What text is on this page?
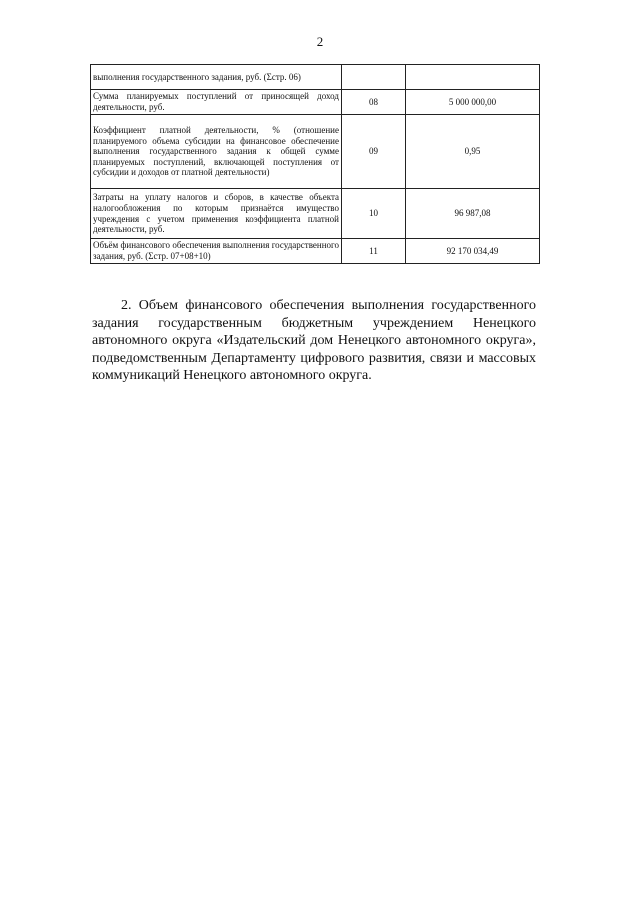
2
выполнения государственного задания, руб. (Σстр. 06)		
Сумма планируемых поступлений от приносящей доход деятельности, руб.	08	5 000 000,00
Коэффициент платной деятельности, % (отношение планируемого объема субсидии на финансовое обеспечение выполнения государственного задания к общей сумме планируемых поступлений, включающей поступления от субсидии и доходов от платной деятельности)	09	0,95
Затраты на уплату налогов и сборов, в качестве объекта налогообложения по которым признаётся имущество учреждения с учетом применения коэффициента платной деятельности, руб.	10	96 987,08
Объём финансового обеспечения выполнения государственного задания, руб. (Σстр. 07+08+10)	11	92 170 034,49

2. Объем финансового обеспечения выполнения государственного задания государственным бюджетным учреждением Ненецкого автономного округа «Издательский дом Ненецкого автономного округа», подведомственным Департаменту цифрового развития, связи и массовых коммуникаций Ненецкого автономного округа.
